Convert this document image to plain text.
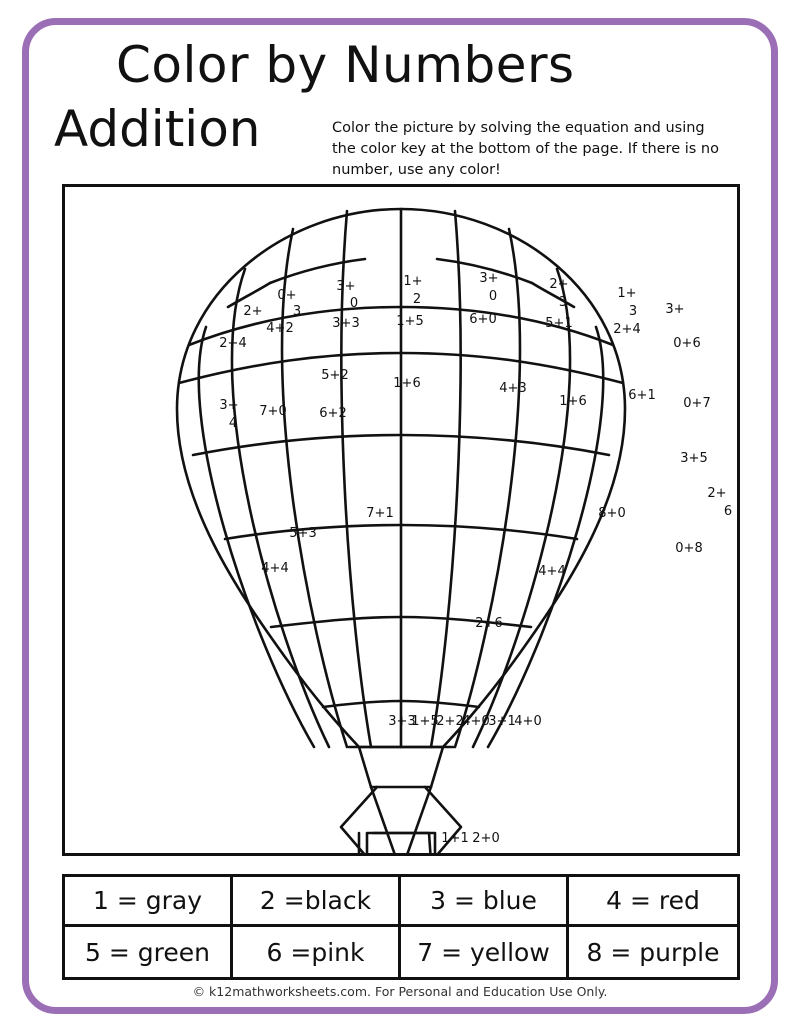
Color by Numbers
Addition	Color the picture by solving the equation and using the color key at the bottom of the page. If there is no number, use any color!
2+
2+4
0+
3
4+2
3+
0
3+3
1+
2
1+5
3+
0
6+0
2+
3
5+1
1+
3
2+4
3+
0+6
5+2
1+6	4+3
1+6	6+1
0+7
3+
4
7+0	6+2
7+1	8+0
3+5
2+
6
5+3
4+4	4+4
0+8
2+6
3+3
1+5
2+2
4+0
3+1
4+0
1+1 2+0
1 = gray	2 =black	3 = blue	4 = red
5 = green	6 =pink	7 = yellow	8 = purple
© k12mathworksheets.com. For Personal and Education Use Only.
